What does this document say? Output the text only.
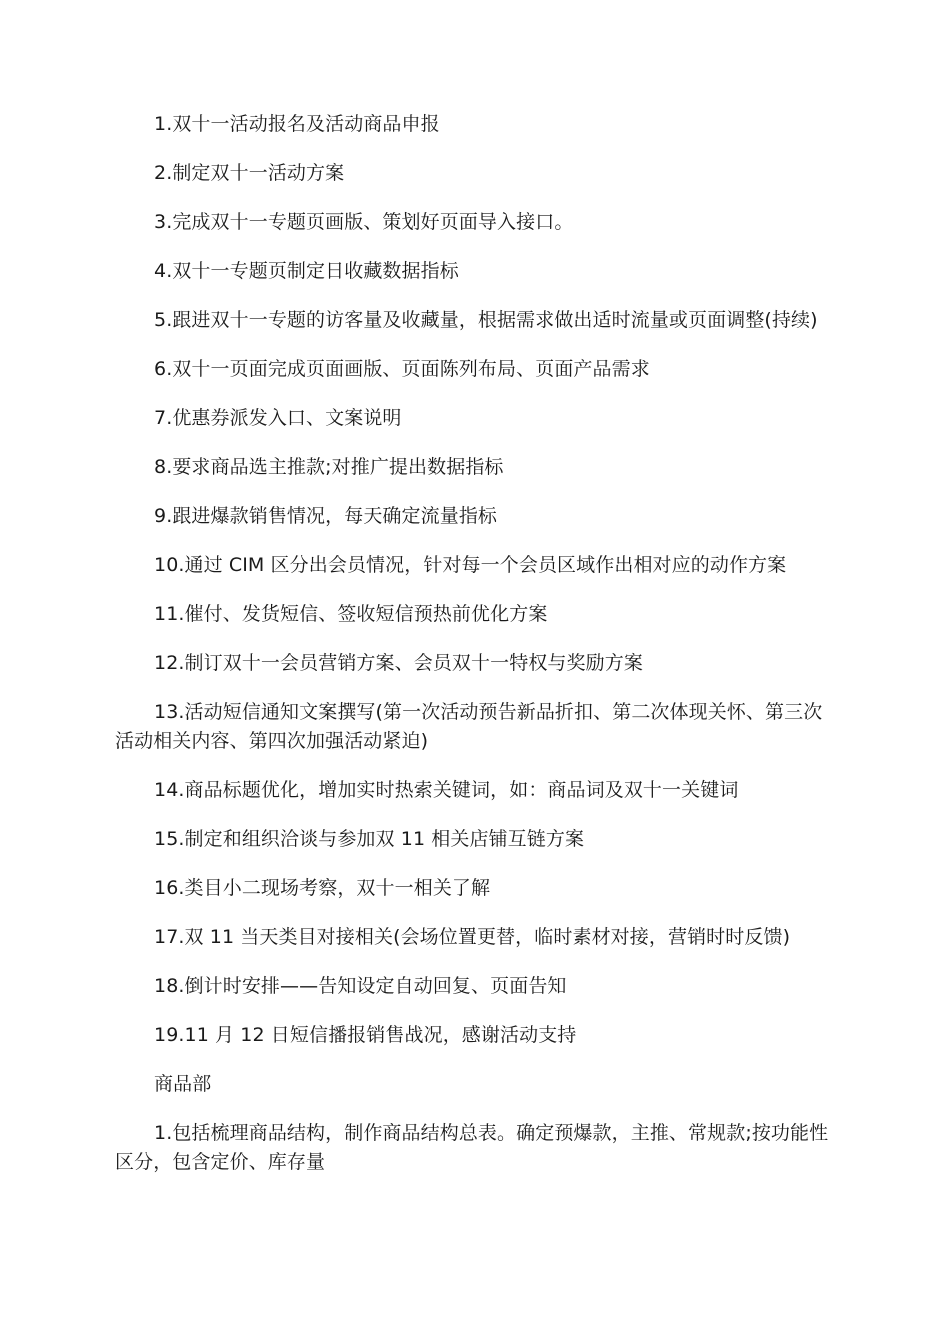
1.双十一活动报名及活动商品申报

2.制定双十一活动方案

3.完成双十一专题页画版、策划好页面导入接口。

4.双十一专题页制定日收藏数据指标

5.跟进双十一专题的访客量及收藏量，根据需求做出适时流量或页面调整(持续)

6.双十一页面完成页面画版、页面陈列布局、页面产品需求

7.优惠券派发入口、文案说明

8.要求商品选主推款;对推广提出数据指标

9.跟进爆款销售情况，每天确定流量指标

10.通过 CIM 区分出会员情况，针对每一个会员区域作出相对应的动作方案

11.催付、发货短信、签收短信预热前优化方案

12.制订双十一会员营销方案、会员双十一特权与奖励方案

13.活动短信通知文案撰写(第一次活动预告新品折扣、第二次体现关怀、第三次活动相关内容、第四次加强活动紧迫)

14.商品标题优化，增加实时热索关键词，如：商品词及双十一关键词

15.制定和组织洽谈与参加双 11 相关店铺互链方案

16.类目小二现场考察，双十一相关了解

17.双 11 当天类目对接相关(会场位置更替，临时素材对接，营销时时反馈)

18.倒计时安排——告知设定自动回复、页面告知

19.11 月 12 日短信播报销售战况，感谢活动支持

商品部

1.包括梳理商品结构，制作商品结构总表。确定预爆款，主推、常规款;按功能性区分，包含定价、库存量
